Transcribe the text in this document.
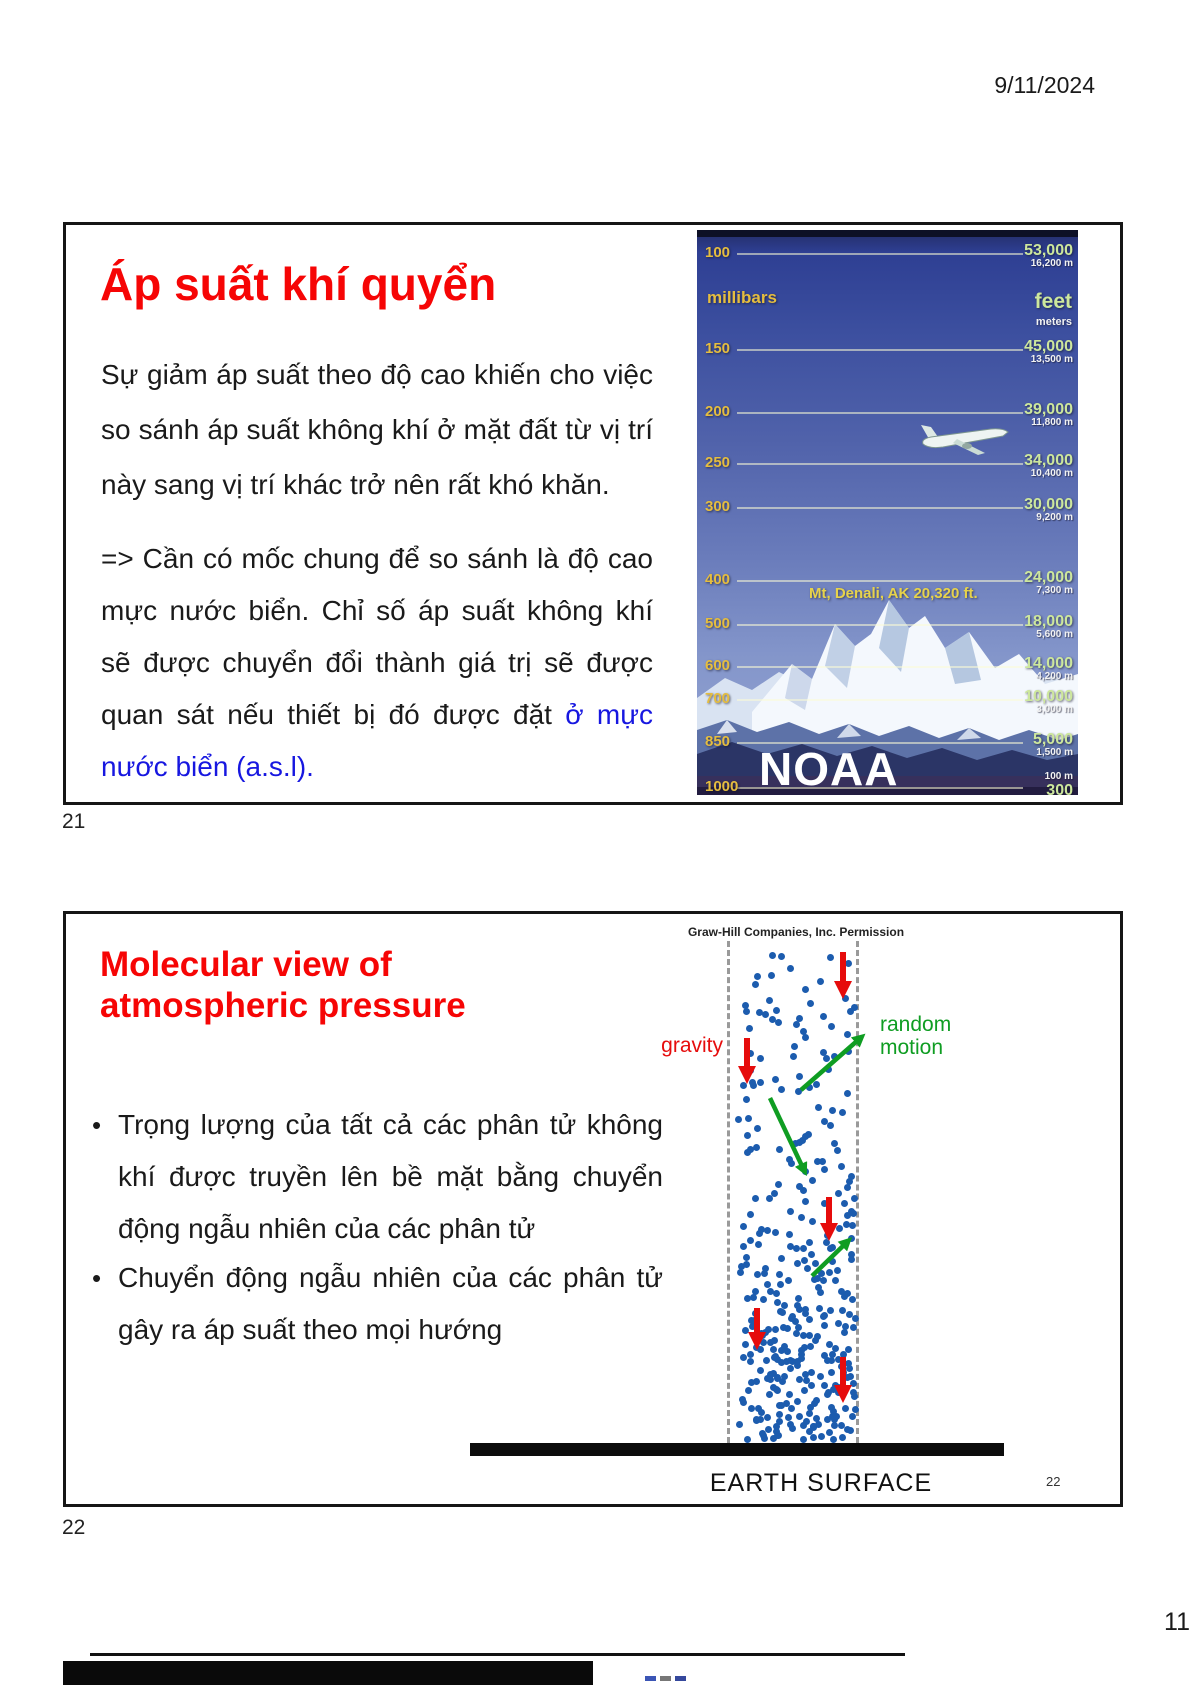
9/11/2024
Áp suất khí quyển

Sự giảm áp suất theo độ cao khiến cho việc so sánh áp suất không khí ở mặt đất từ vị trí này sang vị trí khác trở nên rất khó khăn.

=> Cần có mốc chung để so sánh là độ cao mực nước biển. Chỉ số áp suất không khí sẽ được chuyển đổi thành giá trị sẽ được quan sát nếu thiết bị đó được đặt ở mực nước biển (a.s.l).

100	53,000
16,200 m
150	45,000
13,500 m
200	39,000
11,800 m
250	34,000
10,400 m
300	30,000
9,200 m
400	24,000
7,300 m
500	18,000
5,600 m
600	14,000
4,200 m
700	10,000
3,000 m
850	5,000
1,500 m
1000	300
100 m
millibars	feet
meters
Mt, Denali, AK 20,320 ft.
NOAA
21
Graw-Hill Companies, Inc. Permission
Molecular view of
atmospheric pressure
• Trọng lượng của tất cả các phân tử không khí được truyền lên bề mặt bằng chuyển động ngẫu nhiên của các phân tử

• Chuyển động ngẫu nhiên của các phân tử gây ra áp suất theo mọi hướng

gravity
random
motion
EARTH SURFACE	22
22
11
